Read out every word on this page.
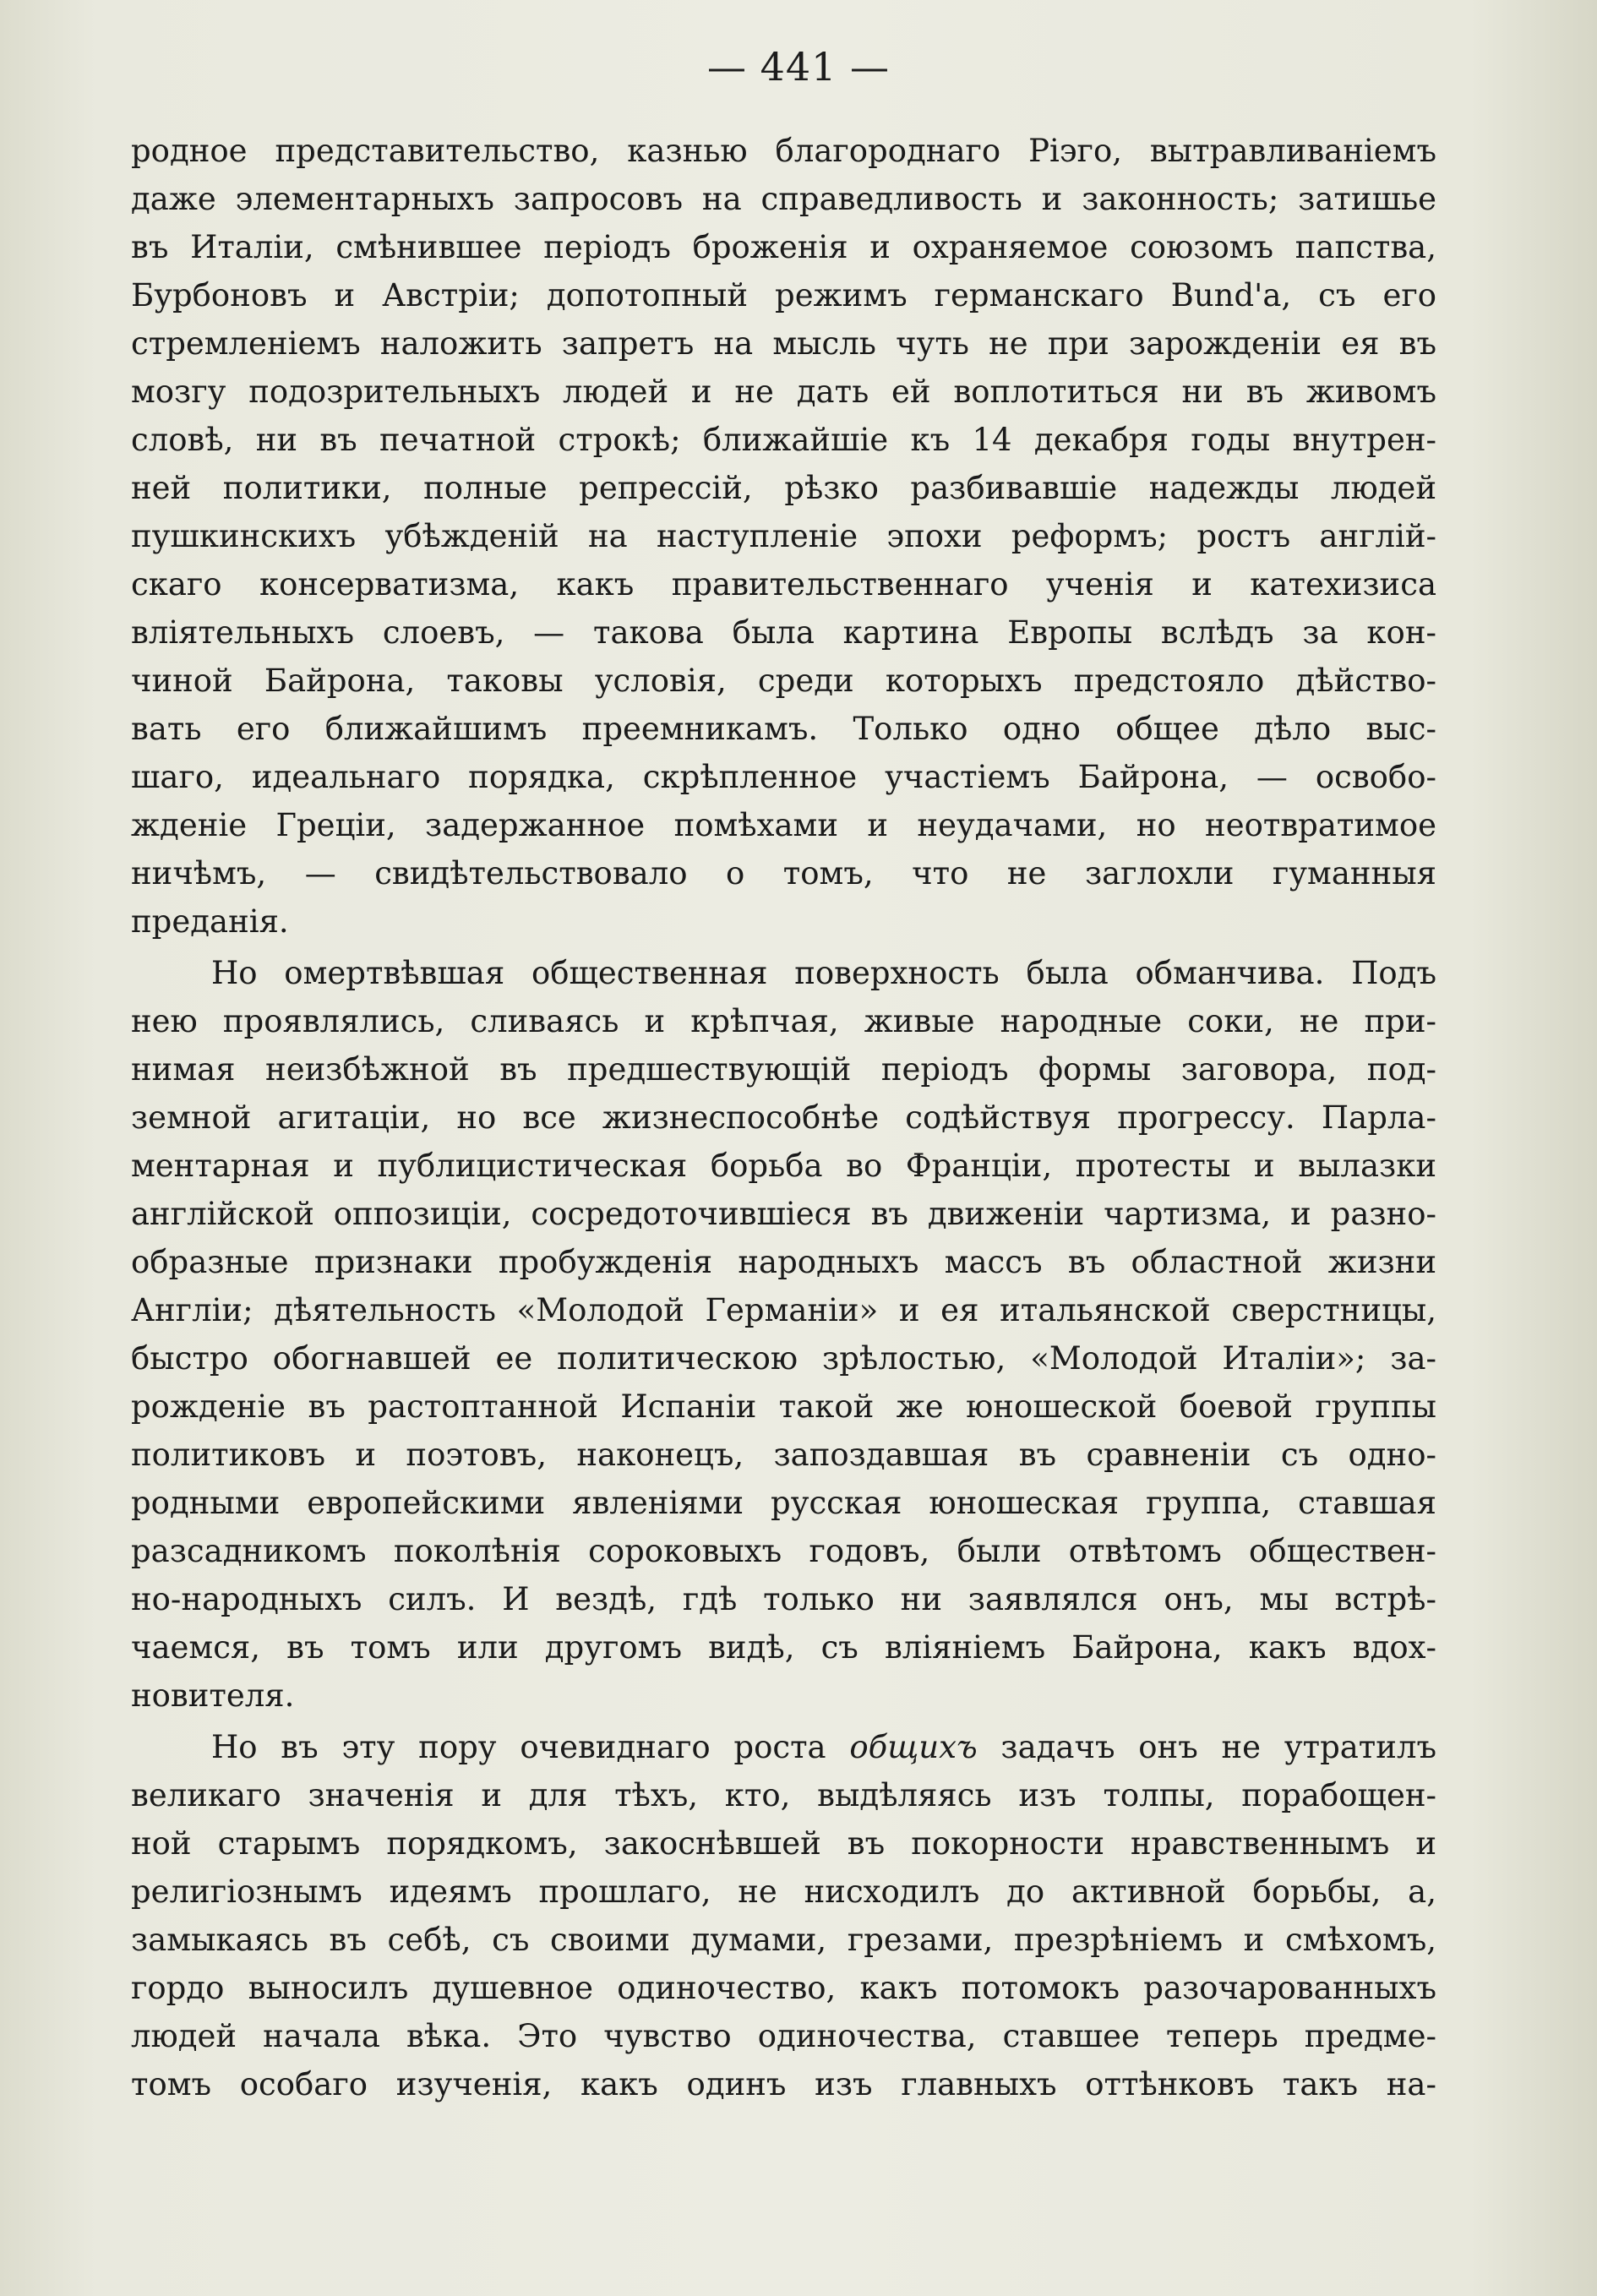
— 441 —
родное представительство, казнью благороднаго Ріэго, вытравливаніемъ
даже элементарныхъ запросовъ на справедливость и законность; затишье
въ Италіи, смѣнившее періодъ броженія и охраняемое союзомъ папства,
Бурбоновъ и Австріи; допотопный режимъ германскаго Bund'а, съ его
стремленіемъ наложить запретъ на мысль чуть не при зарожденіи ея въ
мозгу подозрительныхъ людей и не дать ей воплотиться ни въ живомъ
словѣ, ни въ печатной строкѣ; ближайшіе къ 14 декабря годы внутрен-
ней политики, полные репрессій, рѣзко разбивавшіе надежды людей
пушкинскихъ убѣжденій на наступленіе эпохи реформъ; ростъ англій-
скаго консерватизма, какъ правительственнаго ученія и катехизиса
вліятельныхъ слоевъ, — такова была картина Европы вслѣдъ за кон-
чиной Байрона, таковы условія, среди которыхъ предстояло дѣйство-
вать его ближайшимъ преемникамъ. Только одно общее дѣло выс-
шаго, идеальнаго порядка, скрѣпленное участіемъ Байрона, — освобо-
жденіе Греціи, задержанное помѣхами и неудачами, но неотвратимое
ничѣмъ, — свидѣтельствовало о томъ, что не заглохли гуманныя
преданія.
Но омертвѣвшая общественная поверхность была обманчива. Подъ
нею проявлялись, сливаясь и крѣпчая, живые народные соки, не при-
нимая неизбѣжной въ предшествующій періодъ формы заговора, под-
земной агитаціи, но все жизнеспособнѣе содѣйствуя прогрессу. Парла-
ментарная и публицистическая борьба во Франціи, протесты и вылазки
англійской оппозиціи, сосредоточившіеся въ движеніи чартизма, и разно-
образные признаки пробужденія народныхъ массъ въ областной жизни
Англіи; дѣятельность «Молодой Германіи» и ея итальянской сверстницы,
быстро обогнавшей ее политическою зрѣлостью, «Молодой Италіи»; за-
рожденіе въ растоптанной Испаніи такой же юношеской боевой группы
политиковъ и поэтовъ, наконецъ, запоздавшая въ сравненіи съ одно-
родными европейскими явленіями русская юношеская группа, ставшая
разсадникомъ поколѣнія сороковыхъ годовъ, были отвѣтомъ обществен-
но-народныхъ силъ. И вездѣ, гдѣ только ни заявлялся онъ, мы встрѣ-
чаемся, въ томъ или другомъ видѣ, съ вліяніемъ Байрона, какъ вдох-
новителя.
Но въ эту пору очевиднаго роста общихъ задачъ онъ не утратилъ
великаго значенія и для тѣхъ, кто, выдѣляясь изъ толпы, порабощен-
ной старымъ порядкомъ, закоснѣвшей въ покорности нравственнымъ и
религіознымъ идеямъ прошлаго, не нисходилъ до активной борьбы, а,
замыкаясь въ себѣ, съ своими думами, грезами, презрѣніемъ и смѣхомъ,
гордо выносилъ душевное одиночество, какъ потомокъ разочарованныхъ
людей начала вѣка. Это чувство одиночества, ставшее теперь предме-
томъ особаго изученія, какъ одинъ изъ главныхъ оттѣнковъ такъ на-
